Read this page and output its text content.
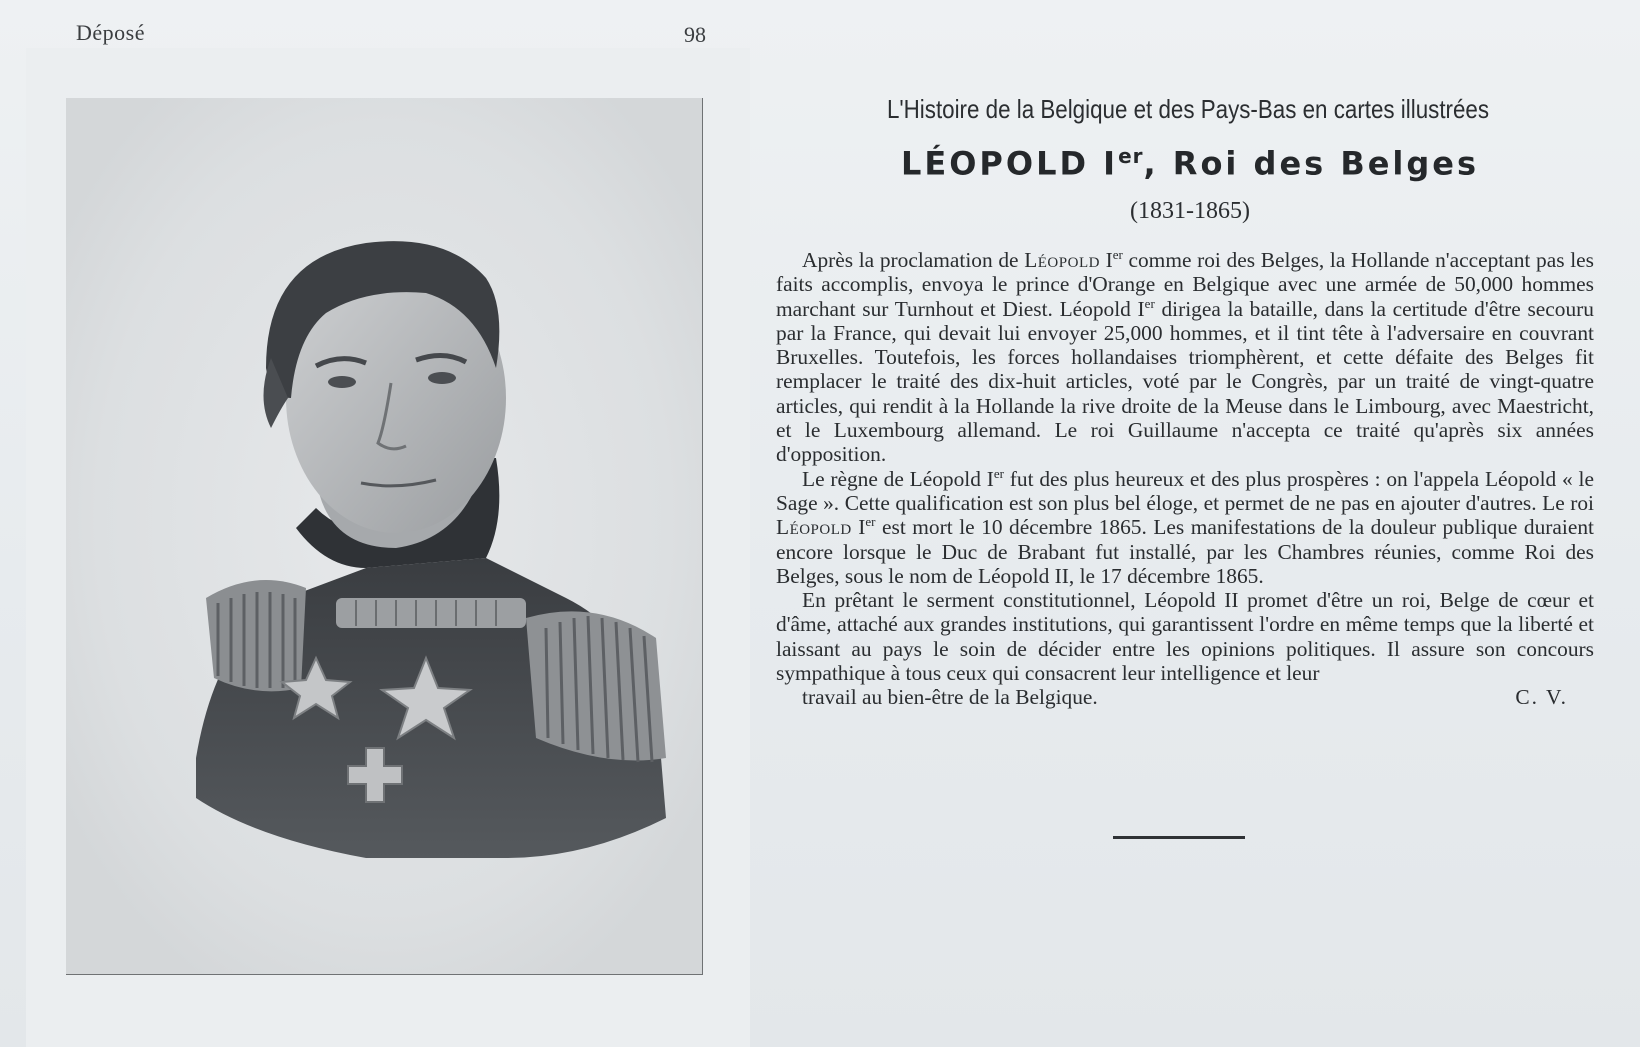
Déposé	98
L'Histoire de la Belgique et des Pays-Bas en cartes illustrées
LÉOPOLD Ier, Roi des Belges
(1831-1865)

Après la proclamation de Léopold Ier comme roi des Belges, la Hollande n'acceptant pas les faits accomplis, envoya le prince d'Orange en Belgique avec une armée de 50,000 hommes marchant sur Turnhout et Diest. Léopold Ier dirigea la bataille, dans la certitude d'être secouru par la France, qui devait lui envoyer 25,000 hommes, et il tint tête à l'adversaire en couvrant Bruxelles. Toutefois, les forces hollandaises triomphèrent, et cette défaite des Belges fit remplacer le traité des dix-huit articles, voté par le Congrès, par un traité de vingt-quatre articles, qui rendit à la Hollande la rive droite de la Meuse dans le Limbourg, avec Maestricht, et le Luxembourg allemand. Le roi Guillaume n'accepta ce traité qu'après six années d'opposition.

Le règne de Léopold Ier fut des plus heureux et des plus prospères : on l'appela Léopold « le Sage ». Cette qualification est son plus bel éloge, et permet de ne pas en ajouter d'autres. Le roi Léopold Ier est mort le 10 décembre 1865. Les manifestations de la douleur publique duraient encore lorsque le Duc de Brabant fut installé, par les Chambres réunies, comme Roi des Belges, sous le nom de Léopold II, le 17 décembre 1865.

En prêtant le serment constitutionnel, Léopold II promet d'être un roi, Belge de cœur et d'âme, attaché aux grandes institutions, qui garantissent l'ordre en même temps que la liberté et laissant au pays le soin de décider entre les opinions politiques. Il assure son concours sympathique à tous ceux qui consacrent leur intelligence et leur

travail au bien-être de la Belgique.	C. V.
